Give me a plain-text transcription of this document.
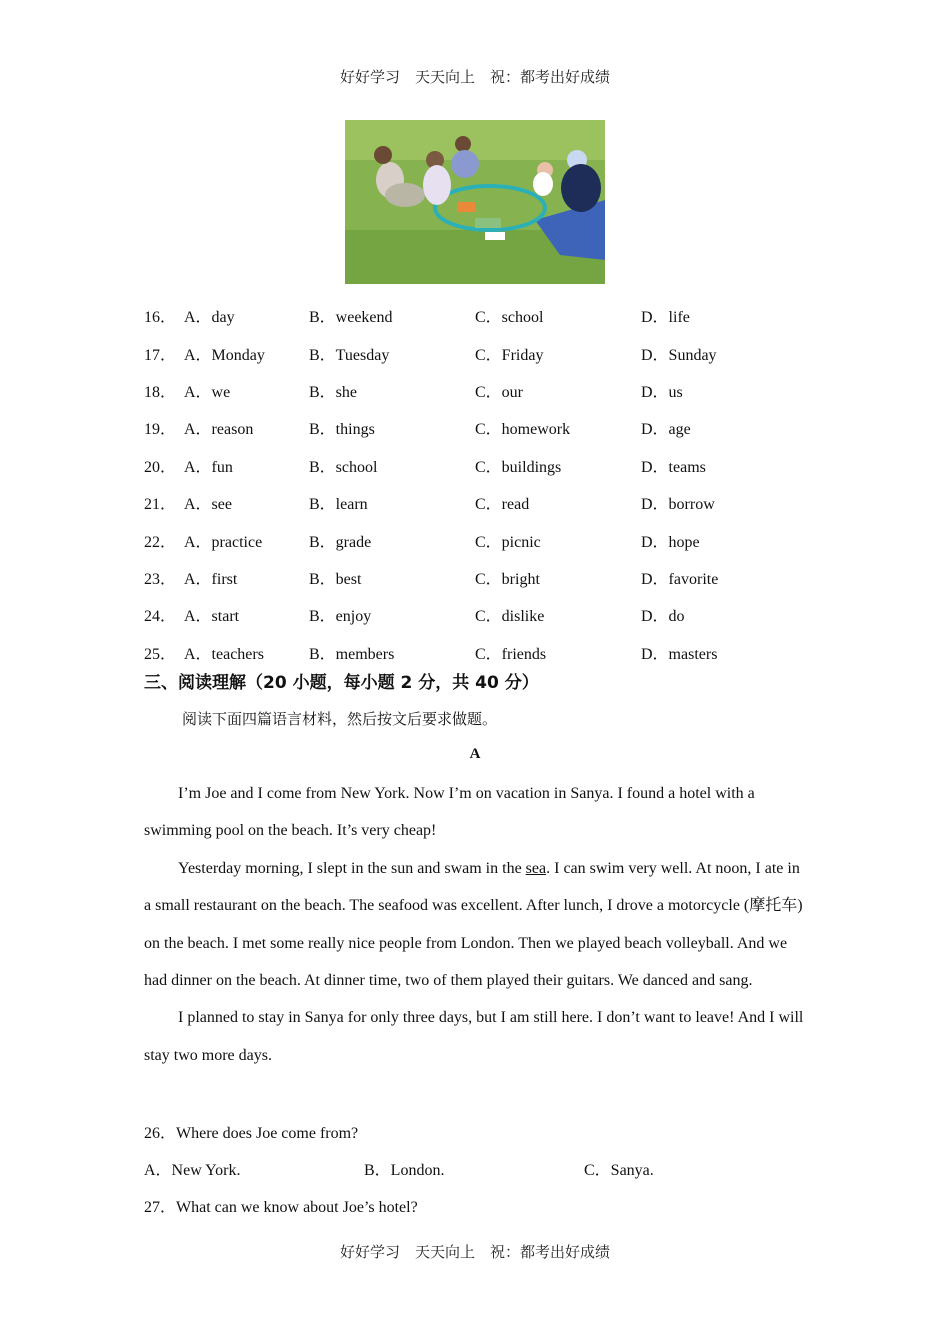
好好学习　天天向上　祝：都考出好成绩
16． A．day	B．weekend	C．school	D．life
17． A．Monday	B．Tuesday	C．Friday	D．Sunday
18． A．we	B．she	C．our	D．us
19． A．reason	B．things	C．homework	D．age
20． A．fun	B．school	C．buildings	D．teams
21． A．see	B．learn	C．read	D．borrow
22． A．practice	B．grade	C．picnic	D．hope
23． A．first	B．best	C．bright	D．favorite
24． A．start	B．enjoy	C．dislike	D．do
25． A．teachers	B．members	C．friends	D．masters
三、阅读理解（20 小题，每小题 2 分，共 40 分）
阅读下面四篇语言材料，然后按文后要求做题。
A

I’m Joe and I come from New York. Now I’m on vacation in Sanya. I found a hotel with a swimming pool on the beach. It’s very cheap!

Yesterday morning, I slept in the sun and swam in the sea. I can swim very well. At noon, I ate in a small restaurant on the beach. The seafood was excellent. After lunch, I drove a motorcycle (摩托车) on the beach. I met some really nice people from London. Then we played beach volleyball. And we had dinner on the beach. At dinner time, two of them played their guitars. We danced and sang.

I planned to stay in Sanya for only three days, but I am still here. I don’t want to leave! And I will stay two more days.

26．Where does Joe come from?
A．New York.	B．London.	C．Sanya.
27．What can we know about Joe’s hotel?
好好学习　天天向上　祝：都考出好成绩
